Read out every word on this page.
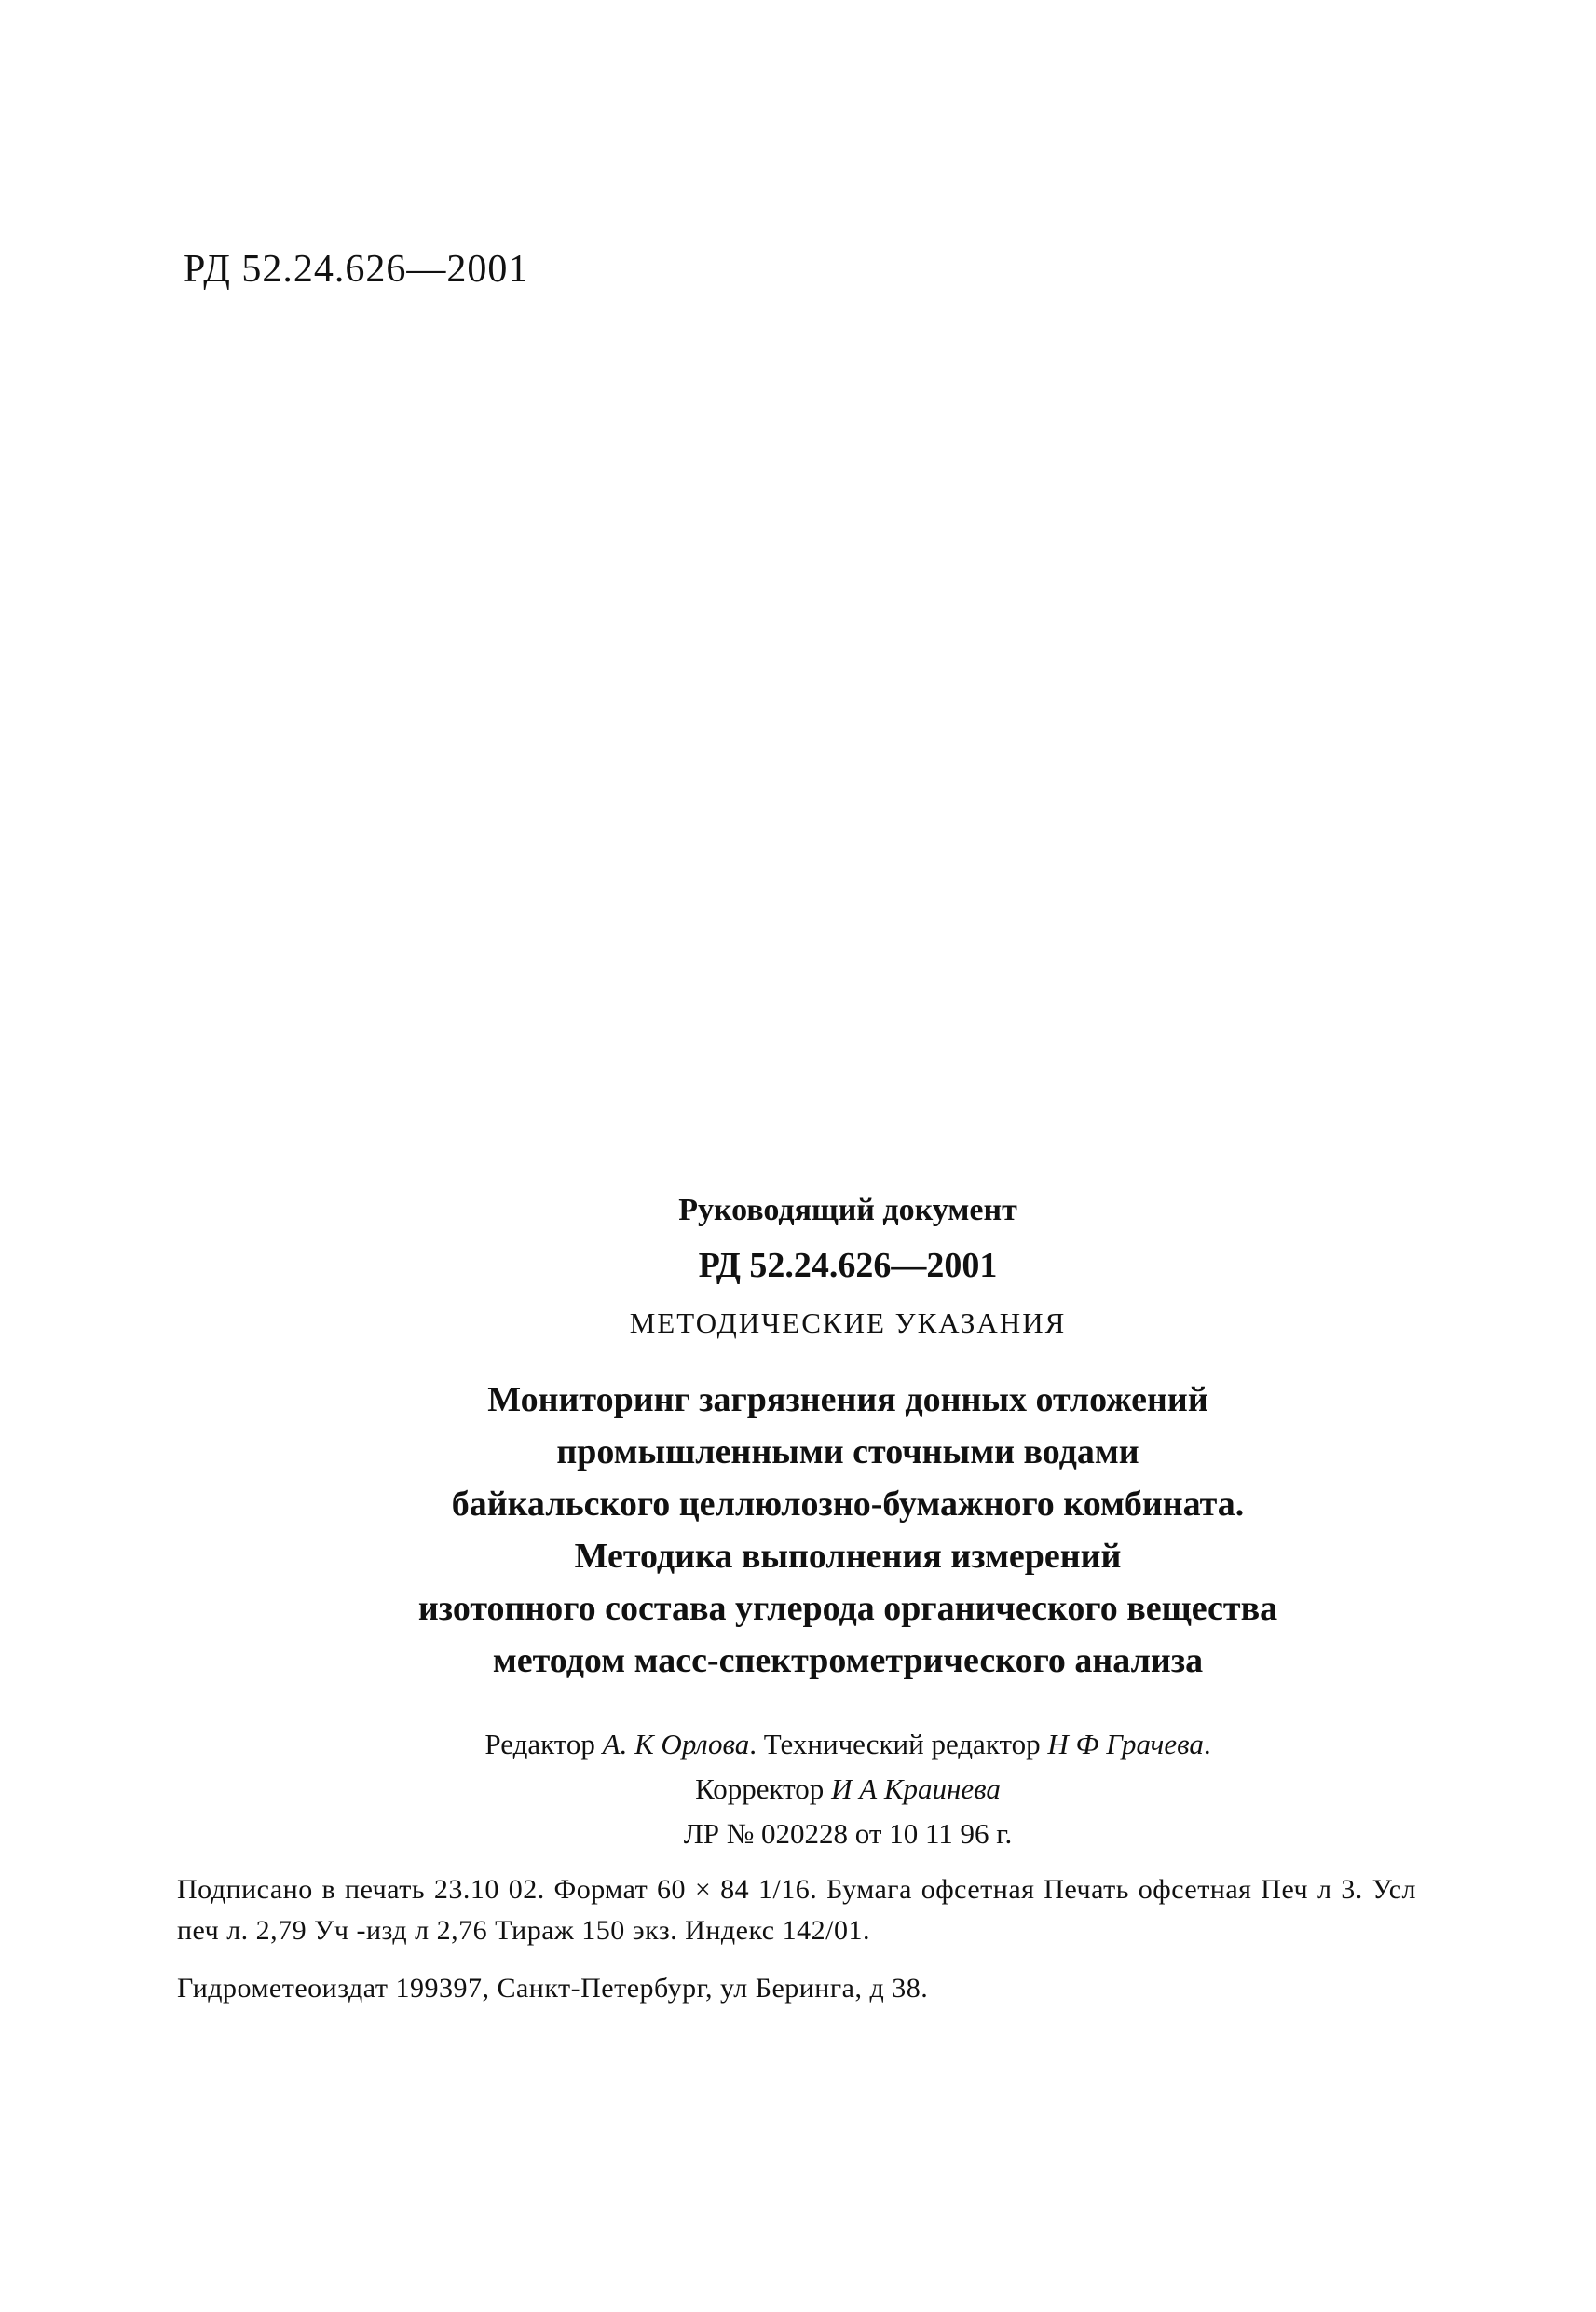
РД 52.24.626—2001
Руководящий документ
РД 52.24.626—2001
МЕТОДИЧЕСКИЕ УКАЗАНИЯ
Мониторинг загрязнения донных отложений
промышленными сточными водами
байкальского целлюлозно-бумажного комбината.
Методика выполнения измерений
изотопного состава углерода органического вещества
методом масс-спектрометрического анализа
Редактор А. К Орлова. Технический редактор Н Ф Грачева.
Корректор И А Краинева
ЛР № 020228 от 10 11 96 г.
Подписано в печать 23.10 02. Формат 60 × 84 1/16. Бумага офсетная Печать офсетная Печ л 3. Усл печ л. 2,79 Уч -изд л 2,76 Тираж 150 экз. Индекс 142/01.
Гидрометеоиздат 199397, Санкт-Петербург, ул Беринга, д 38.
